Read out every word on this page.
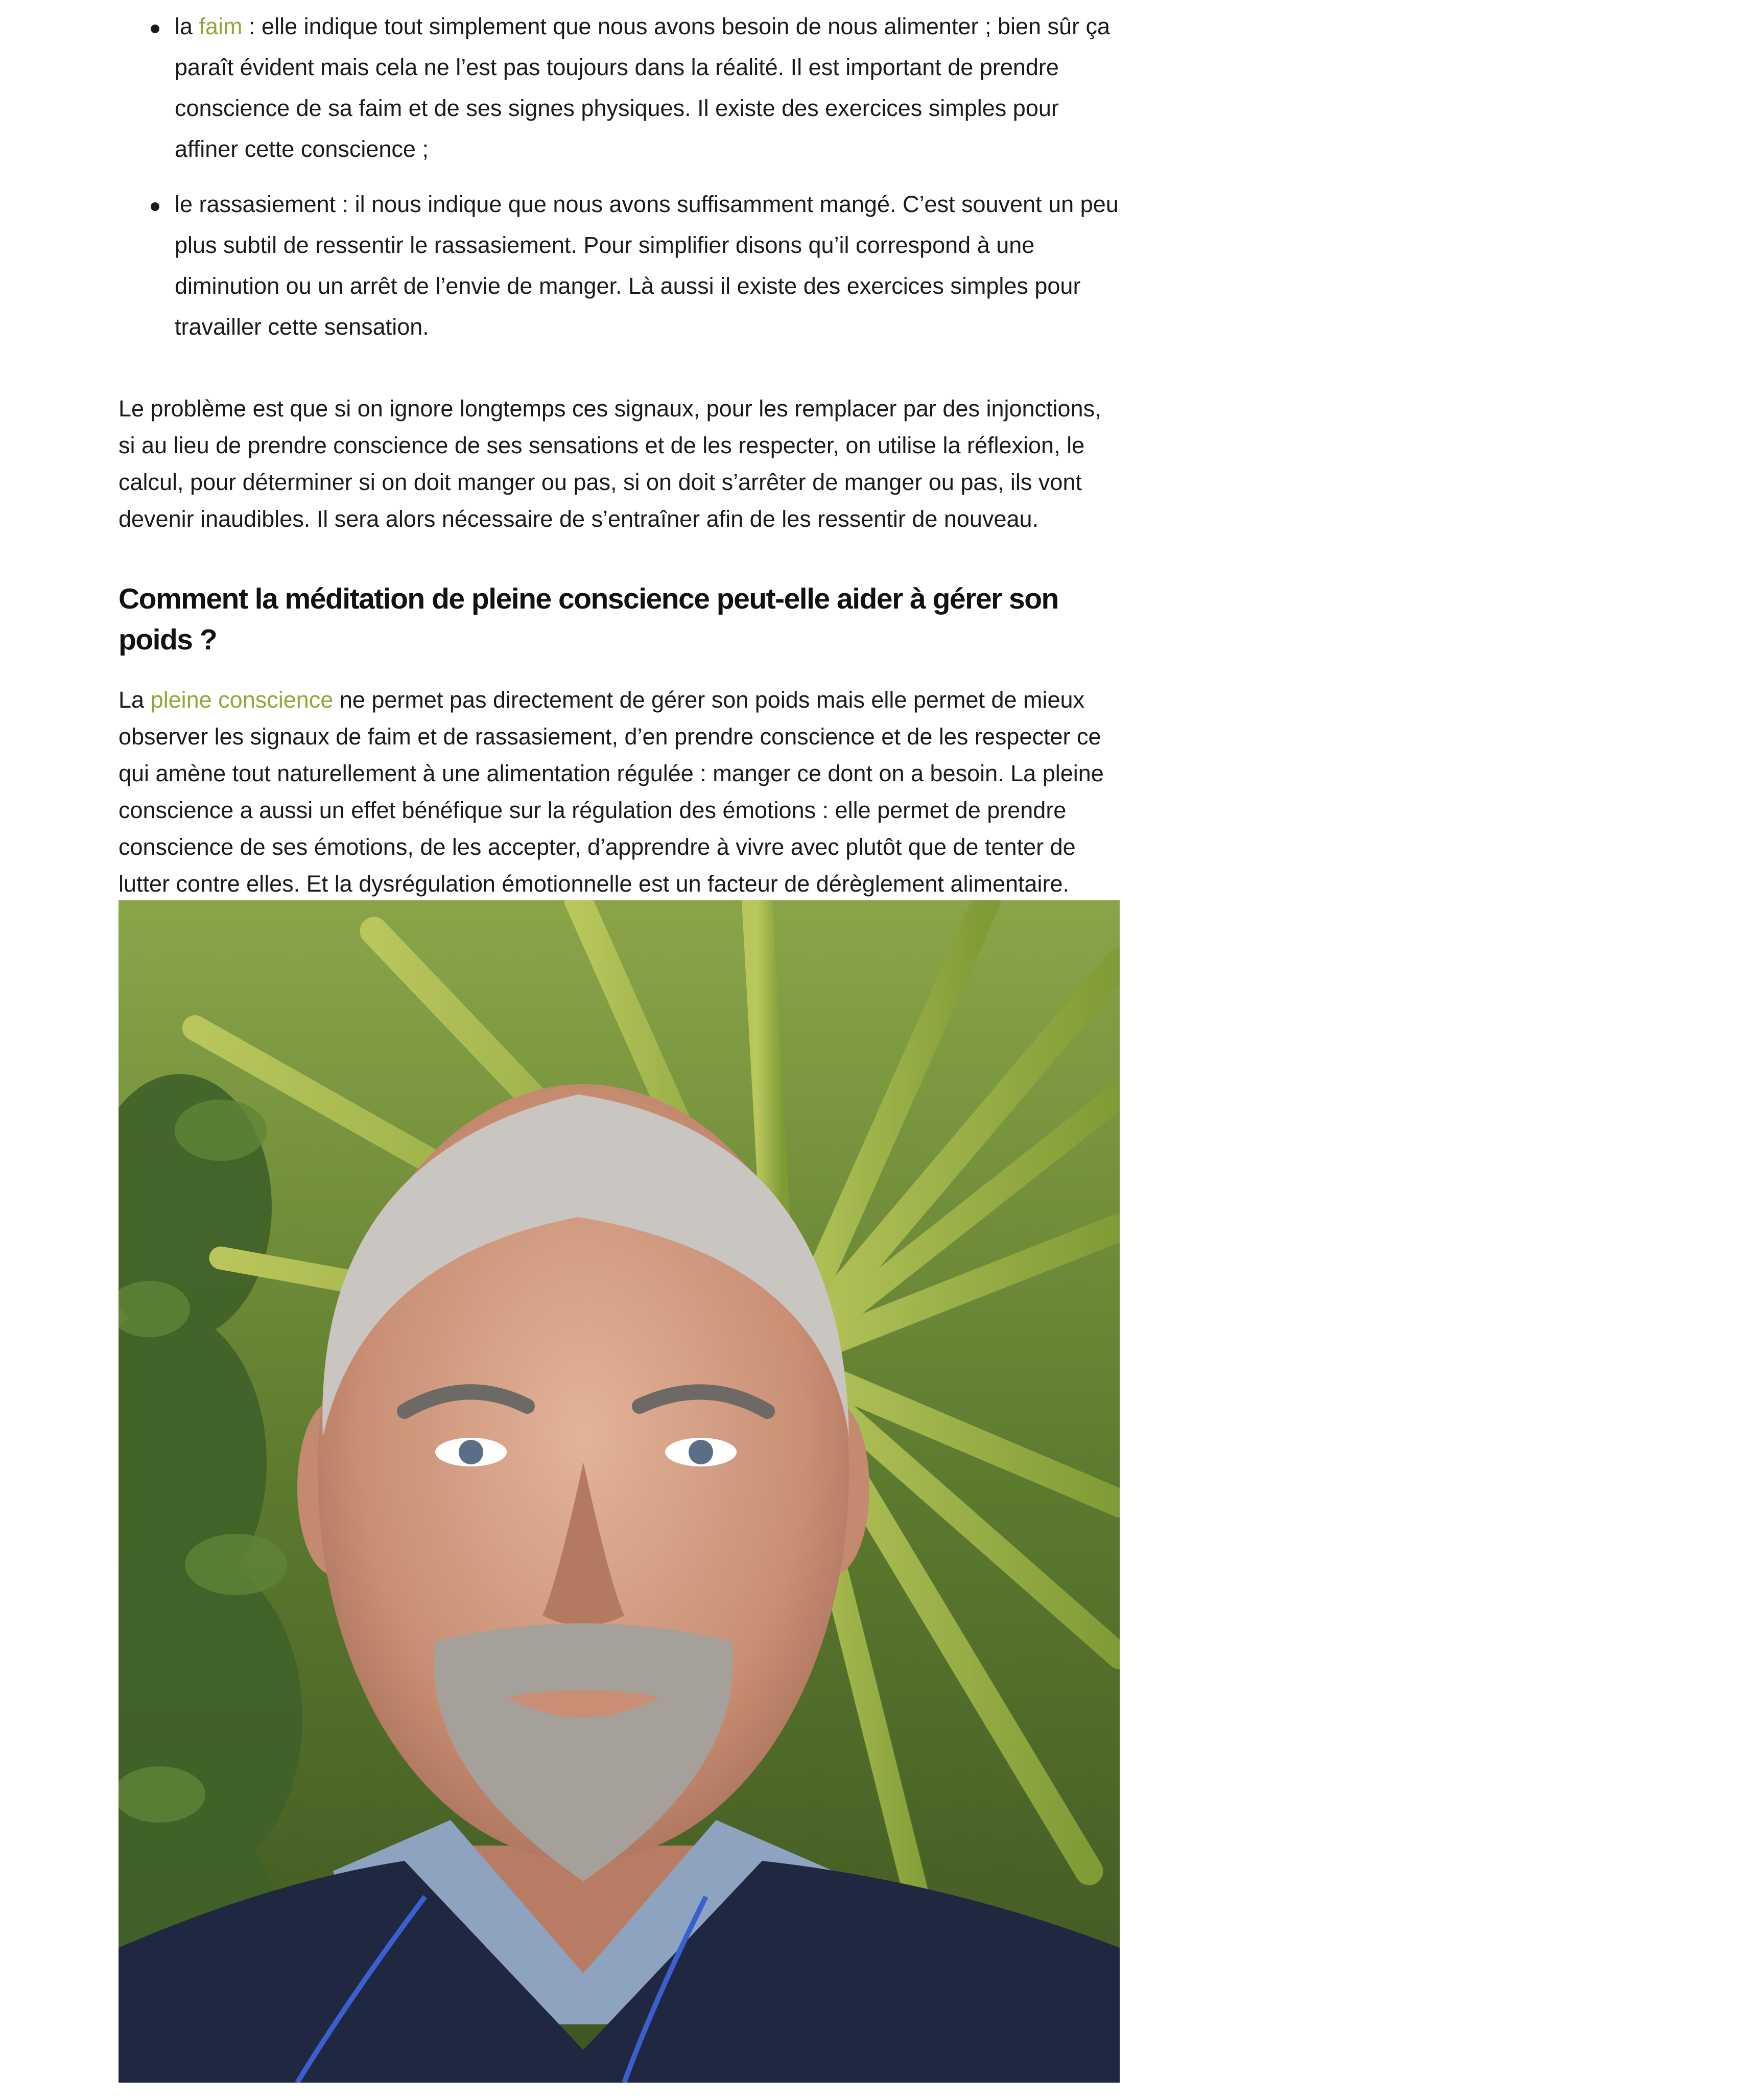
la faim : elle indique tout simplement que nous avons besoin de nous alimenter ; bien sûr ça paraît évident mais cela ne l’est pas toujours dans la réalité. Il est important de prendre conscience de sa faim et de ses signes physiques. Il existe des exercices simples pour affiner cette conscience ;
le rassasiement : il nous indique que nous avons suffisamment mangé. C’est souvent un peu plus subtil de ressentir le rassasiement. Pour simplifier disons qu’il correspond à une diminution ou un arrêt de l’envie de manger. Là aussi il existe des exercices simples pour travailler cette sensation.

Le problème est que si on ignore longtemps ces signaux, pour les remplacer par des injonctions, si au lieu de prendre conscience de ses sensations et de les respecter, on utilise la réflexion, le calcul, pour déterminer si on doit manger ou pas, si on doit s’arrêter de manger ou pas, ils vont devenir inaudibles. Il sera alors nécessaire de s’entraîner afin de les ressentir de nouveau.

Comment la méditation de pleine conscience peut-elle aider à gérer son poids ?

La pleine conscience ne permet pas directement de gérer son poids mais elle permet de mieux observer les signaux de faim et de rassasiement, d’en prendre conscience et de les respecter ce qui amène tout naturellement à une alimentation régulée : manger ce dont on a besoin. La pleine conscience a aussi un effet bénéfique sur la régulation des émotions : elle permet de prendre conscience de ses émotions, de les accepter, d’apprendre à vivre avec plutôt que de tenter de lutter contre elles. Et la dysrégulation émotionnelle est un facteur de dérèglement alimentaire.
